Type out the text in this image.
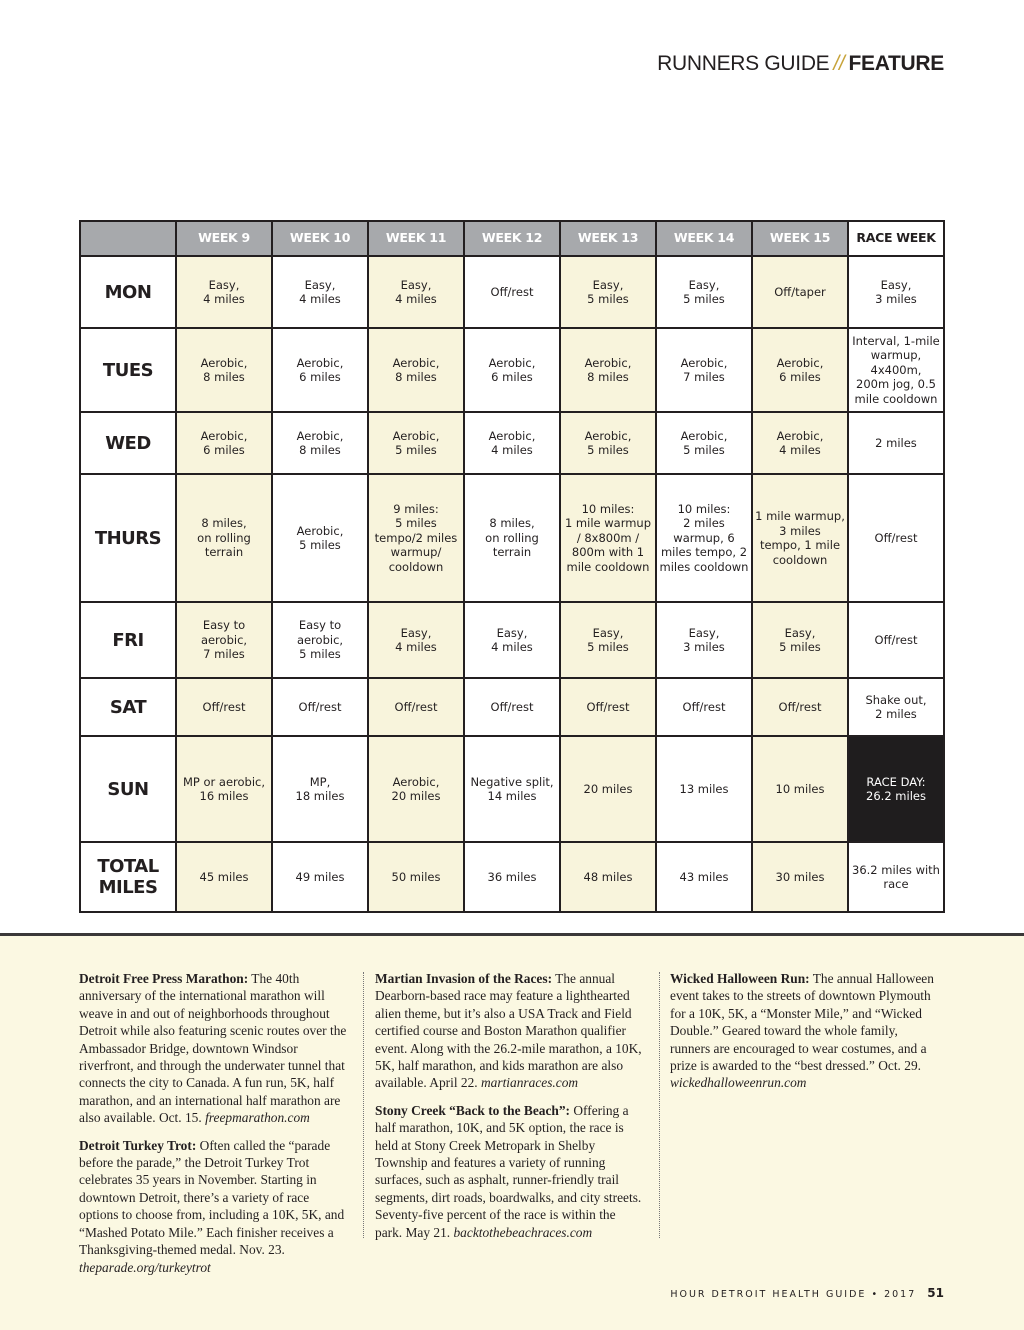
RUNNERS GUIDE // FEATURE
	WEEK 9	WEEK 10	WEEK 11	WEEK 12	WEEK 13	WEEK 14	WEEK 15	RACE WEEK
MON	Easy,
4 miles	Easy,
4 miles	Easy,
4 miles	Off/rest	Easy,
5 miles	Easy,
5 miles	Off/taper	Easy,
3 miles
TUES	Aerobic,
8 miles	Aerobic,
6 miles	Aerobic,
8 miles	Aerobic,
6 miles	Aerobic,
8 miles	Aerobic,
7 miles	Aerobic,
6 miles	Interval, 1-mile
warmup,
4x400m,
200m jog, 0.5
mile cooldown
WED	Aerobic,
6 miles	Aerobic,
8 miles	Aerobic,
5 miles	Aerobic,
4 miles	Aerobic,
5 miles	Aerobic,
5 miles	Aerobic,
4 miles	2 miles
THURS	8 miles,
on rolling
terrain	Aerobic,
5 miles	9 miles:
5 miles
tempo/2 miles
warmup/
cooldown	8 miles,
on rolling
terrain	10 miles:
1 mile warmup
/ 8x800m /
800m with 1
mile cooldown	10 miles:
2 miles
warmup, 6
miles tempo, 2
miles cooldown	1 mile warmup,
3 miles
tempo, 1 mile
cooldown	Off/rest
FRI	Easy to
aerobic,
7 miles	Easy to
aerobic,
5 miles	Easy,
4 miles	Easy,
4 miles	Easy,
5 miles	Easy,
3 miles	Easy,
5 miles	Off/rest
SAT	Off/rest	Off/rest	Off/rest	Off/rest	Off/rest	Off/rest	Off/rest	Shake out,
2 miles
SUN	MP or aerobic,
16 miles	MP,
18 miles	Aerobic,
20 miles	Negative split,
14 miles	20 miles	13 miles	10 miles	RACE DAY:
26.2 miles
TOTAL
MILES	45 miles	49 miles	50 miles	36 miles	48 miles	43 miles	30 miles	36.2 miles with
race

Detroit Free Press Marathon: The 40th anniversary of the international marathon will weave in and out of neighborhoods throughout Detroit while also featuring scenic routes over the Ambassador Bridge, downtown Windsor riverfront, and through the underwater tunnel that connects the city to Canada. A fun run, 5K, half marathon, and an international half marathon are also available. Oct. 15. freepmarathon.com

Detroit Turkey Trot: Often called the “parade before the parade,” the Detroit Turkey Trot celebrates 35 years in November. Starting in downtown Detroit, there’s a variety of race options to choose from, including a 10K, 5K, and “Mashed Potato Mile.” Each finisher receives a Thanksgiving-themed medal. Nov. 23. theparade.org/turkeytrot

Martian Invasion of the Races: The annual Dearborn-based race may feature a lighthearted alien theme, but it’s also a USA Track and Field certified course and Boston Marathon qualifier event. Along with the 26.2-mile marathon, a 10K, 5K, half marathon, and kids marathon are also available. April 22. martianraces.com

Stony Creek “Back to the Beach”: Offering a half marathon, 10K, and 5K option, the race is held at Stony Creek Metropark in Shelby Township and features a variety of running surfaces, such as asphalt, runner-friendly trail segments, dirt roads, boardwalks, and city streets. Seventy-five percent of the race is within the park. May 21. backtothebeachraces.com

Wicked Halloween Run: The annual Halloween event takes to the streets of downtown Plymouth for a 10K, 5K, a “Monster Mile,” and “Wicked Double.” Geared toward the whole family, runners are encouraged to wear costumes, and a prize is awarded to the “best dressed.” Oct. 29. wickedhalloweenrun.com

HOUR DETROIT HEALTH GUIDE • 2017 51
